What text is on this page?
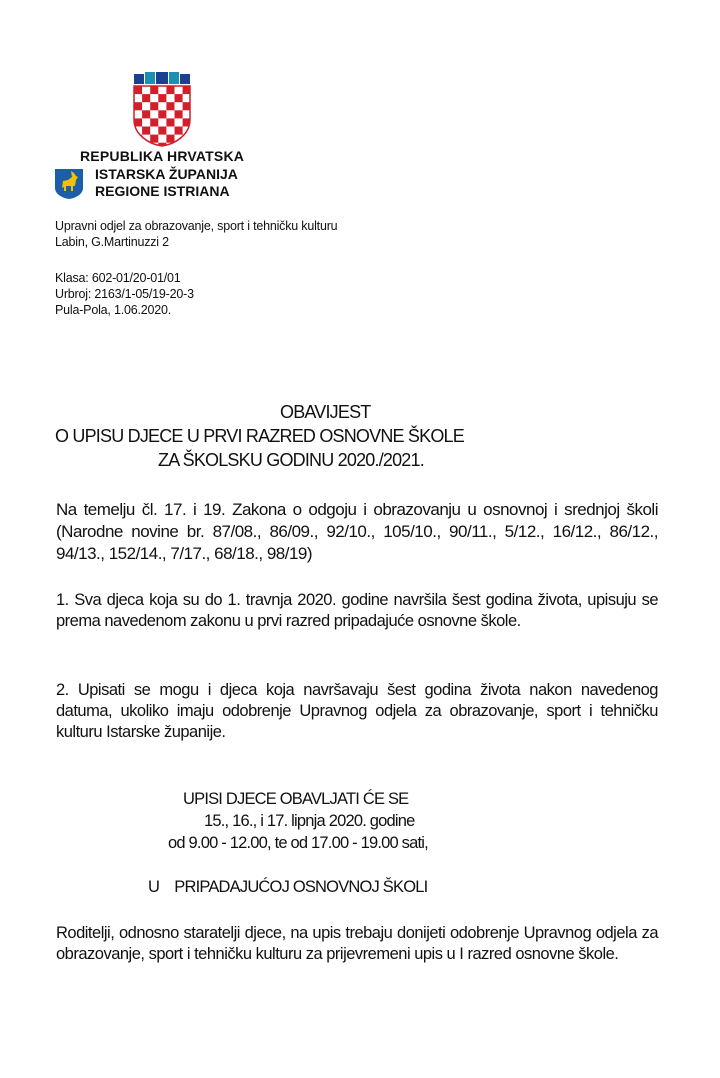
REPUBLIKA HRVATSKA
ISTARSKA ŽUPANIJA
REGIONE ISTRIANA
Upravni odjel za obrazovanje, sport i tehničku kulturu
Labin, G.Martinuzzi 2
Klasa: 602-01/20-01/01
Urbroj: 2163/1-05/19-20-3
Pula-Pola, 1.06.2020.
OBAVIJEST
O UPISU DJECE U PRVI RAZRED OSNOVNE ŠKOLE
ZA ŠKOLSKU GODINU 2020./2021.
Na temelju čl. 17. i 19. Zakona o odgoju i obrazovanju u osnovnoj i srednjoj školi (Narodne novine br. 87/08., 86/09., 92/10., 105/10., 90/11., 5/12., 16/12., 86/12., 94/13., 152/14., 7/17., 68/18., 98/19)
1. Sva djeca koja su do 1. travnja 2020. godine navršila šest godina života, upisuju se prema navedenom zakonu u prvi razred pripadajuće osnovne škole.
2. Upisati se mogu i djeca koja navršavaju šest godina života nakon navedenog datuma, ukoliko imaju odobrenje Upravnog odjela za obrazovanje, sport i tehničku kulturu Istarske županije.
UPISI DJECE OBAVLJATI ĆE SE
15., 16., i 17. lipnja 2020. godine
od 9.00 - 12.00, te od 17.00 - 19.00 sati,
U    PRIPADAJUĆOJ OSNOVNOJ ŠKOLI
Roditelji, odnosno staratelji djece, na upis trebaju donijeti odobrenje Upravnog odjela za obrazovanje, sport i tehničku kulturu za prijevremeni upis u I razred osnovne škole.
